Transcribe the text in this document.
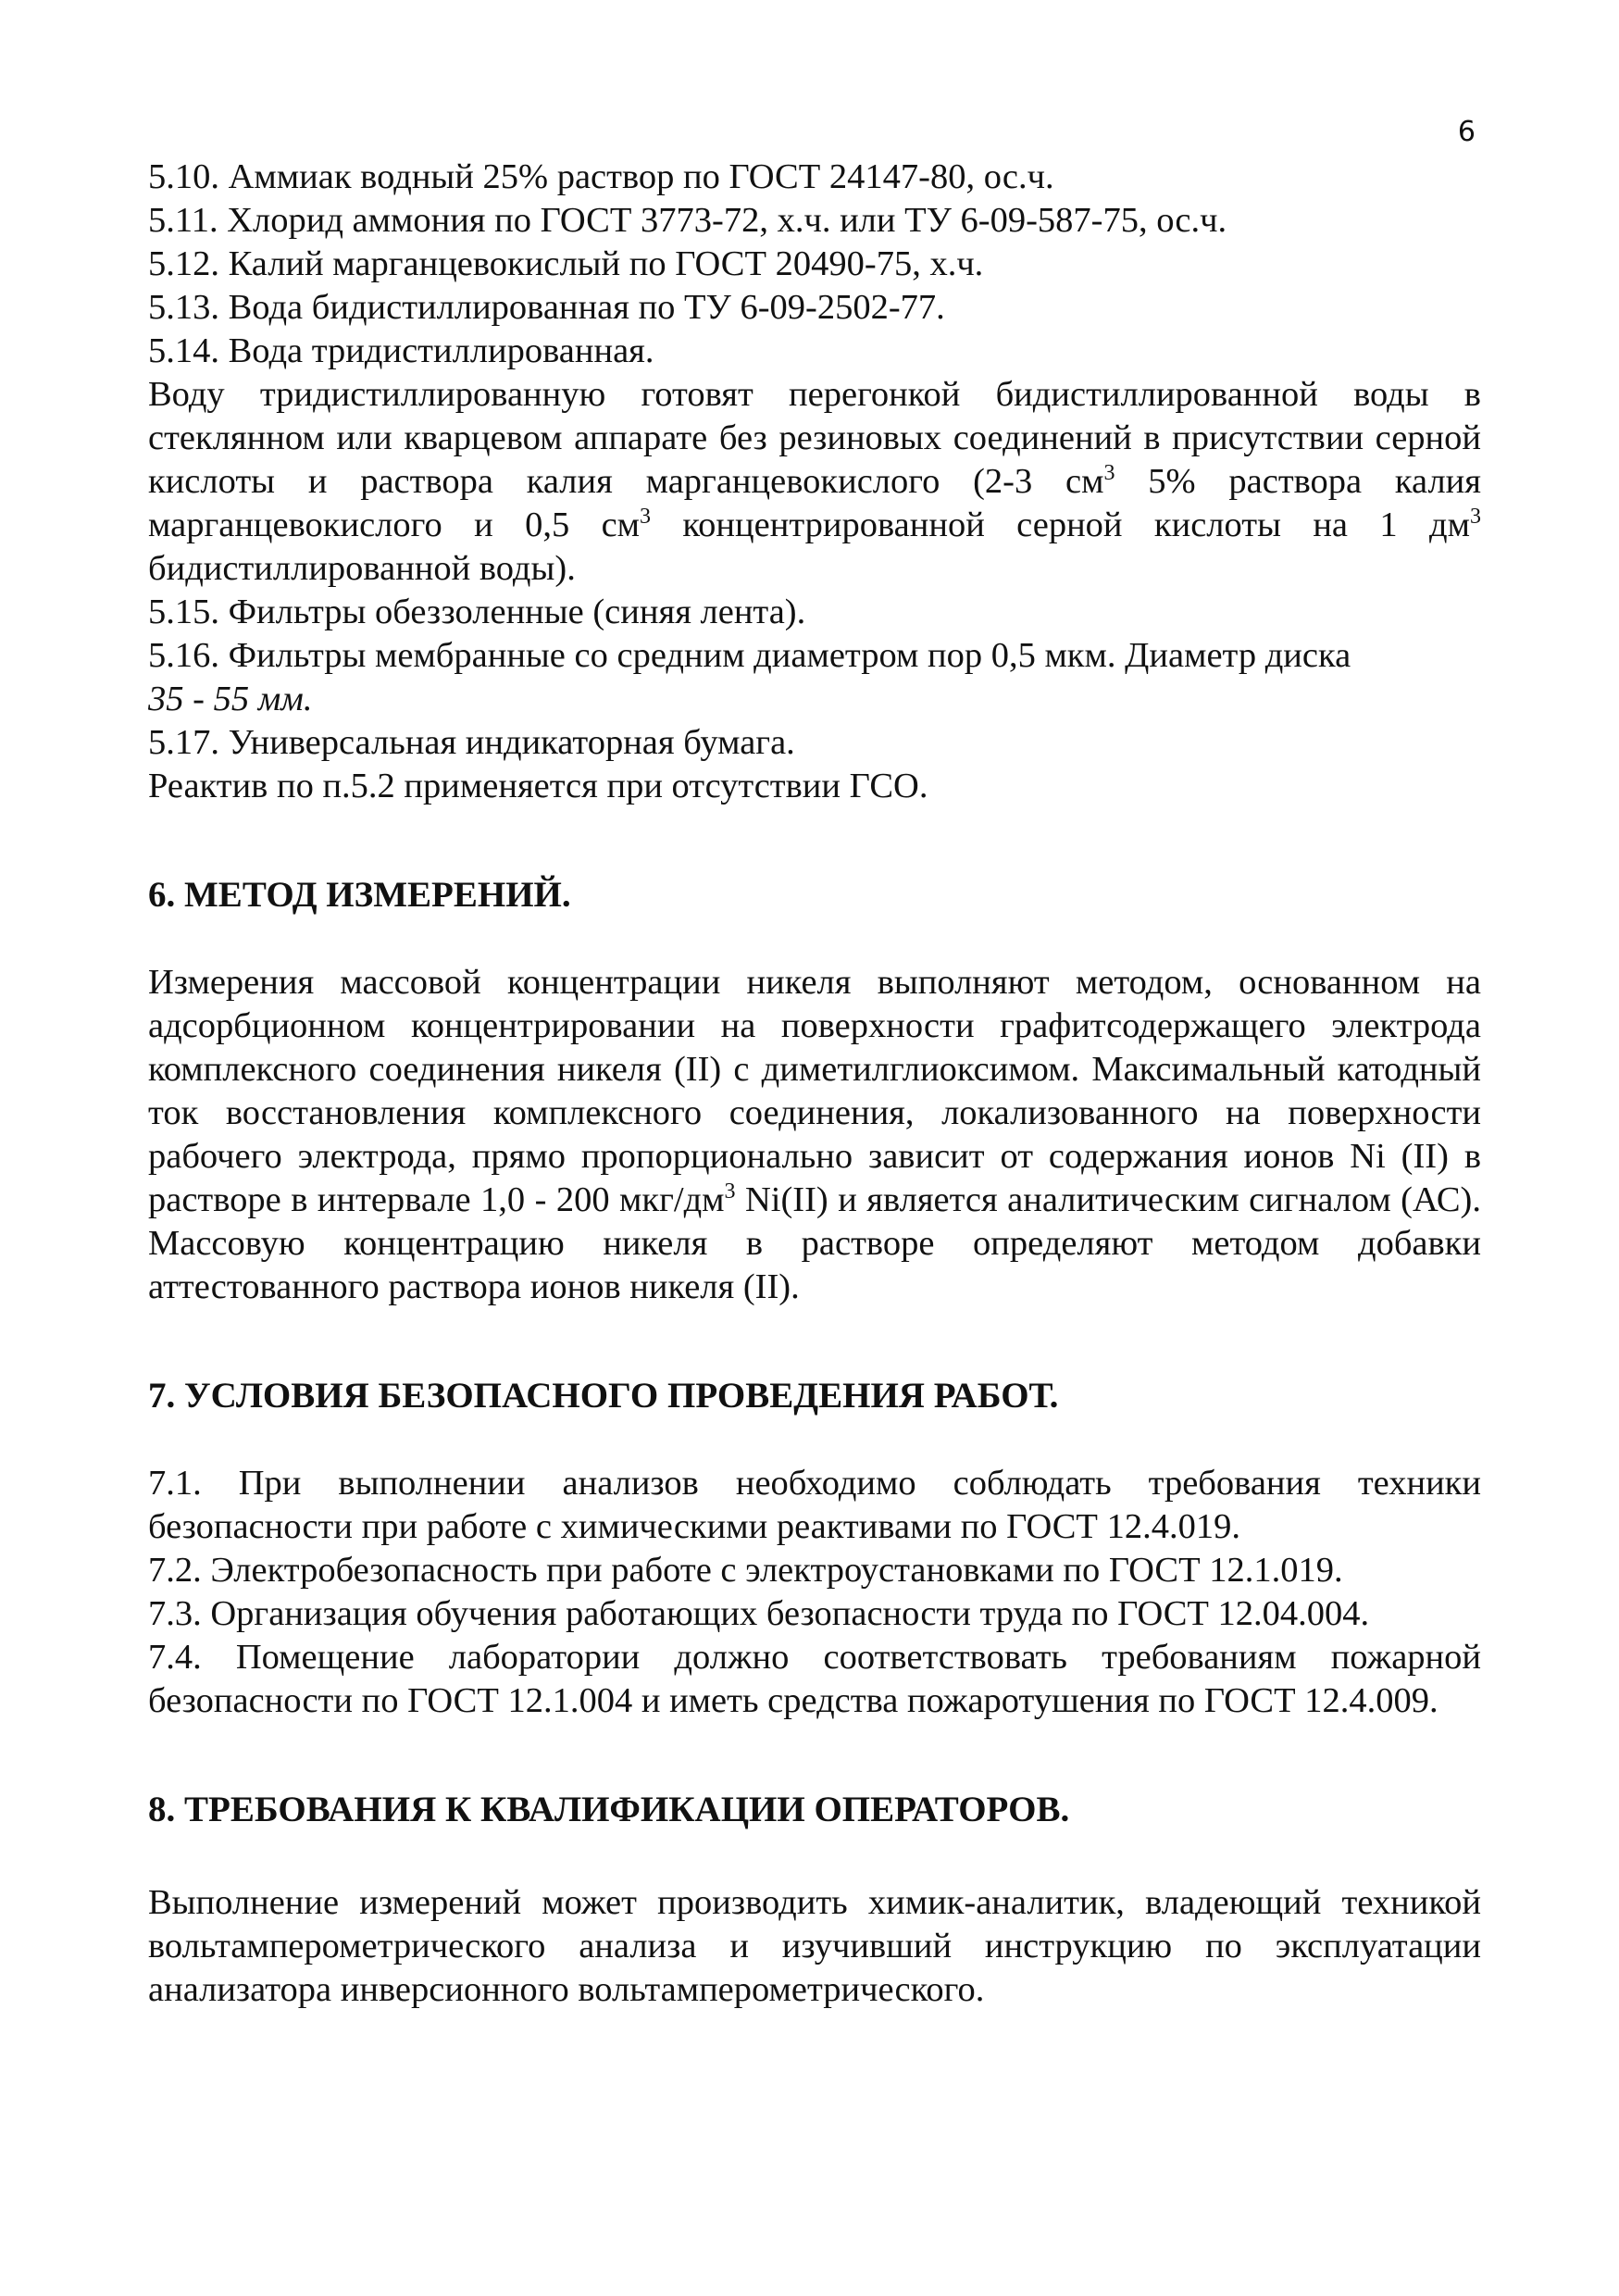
6

5.10. Аммиак водный 25% раствор по ГОСТ 24147-80, ос.ч.

5.11. Хлорид аммония по ГОСТ 3773-72, х.ч. или ТУ 6-09-587-75, ос.ч.

5.12. Калий марганцевокислый по ГОСТ 20490-75, х.ч.

5.13. Вода бидистиллированная по ТУ 6-09-2502-77.

5.14. Вода тридистиллированная.

Воду тридистиллированную готовят перегонкой бидистиллированной воды в стеклянном или кварцевом аппарате без резиновых соединений в присутствии серной кислоты и раствора калия марганцевокислого (2-3 $см^3$ 5% раствора калия марганцевокислого и 0,5 $см^3$ концентрированной серной кислоты на 1 $дм^3$ бидистиллированной воды).

5.15. Фильтры обеззоленные (синяя лента).

5.16. Фильтры мембранные со средним диаметром пор 0,5 мкм. Диаметр диска

35 - 55 мм.

5.17. Универсальная индикаторная бумага.

Реактив по п.5.2 применяется при отсутствии ГСО.

6. МЕТОД ИЗМЕРЕНИЙ.

Измерения массовой концентрации никеля выполняют методом, основанном на адсорбционном концентрировании на поверхности графитсодержащего электрода комплексного соединения никеля (II) с диметилглиоксимом. Максимальный катодный ток восстановления комплексного соединения, локализованного на поверхности рабочего электрода, прямо пропорционально зависит от содержания ионов Ni (II) в растворе в интервале 1,0 - 200 мкг/$дм^3$ Ni(II) и является аналитическим сигналом (АС). Массовую концентрацию никеля в растворе определяют методом добавки аттестованного раствора ионов никеля (II).

7. УСЛОВИЯ БЕЗОПАСНОГО ПРОВЕДЕНИЯ РАБОТ.

7.1. При выполнении анализов необходимо соблюдать требования техники безопасности при работе с химическими реактивами по ГОСТ 12.4.019.

7.2. Электробезопасность при работе с электроустановками по ГОСТ 12.1.019.

7.3. Организация обучения работающих безопасности труда по ГОСТ 12.04.004.

7.4. Помещение лаборатории должно соответствовать требованиям пожарной безопасности по ГОСТ 12.1.004 и иметь средства пожаротушения по ГОСТ 12.4.009.

8. ТРЕБОВАНИЯ К КВАЛИФИКАЦИИ ОПЕРАТОРОВ.

Выполнение измерений может производить химик-аналитик, владеющий техникой вольтамперометрического анализа и изучивший инструкцию по эксплуатации анализатора инверсионного вольтамперометрического.
